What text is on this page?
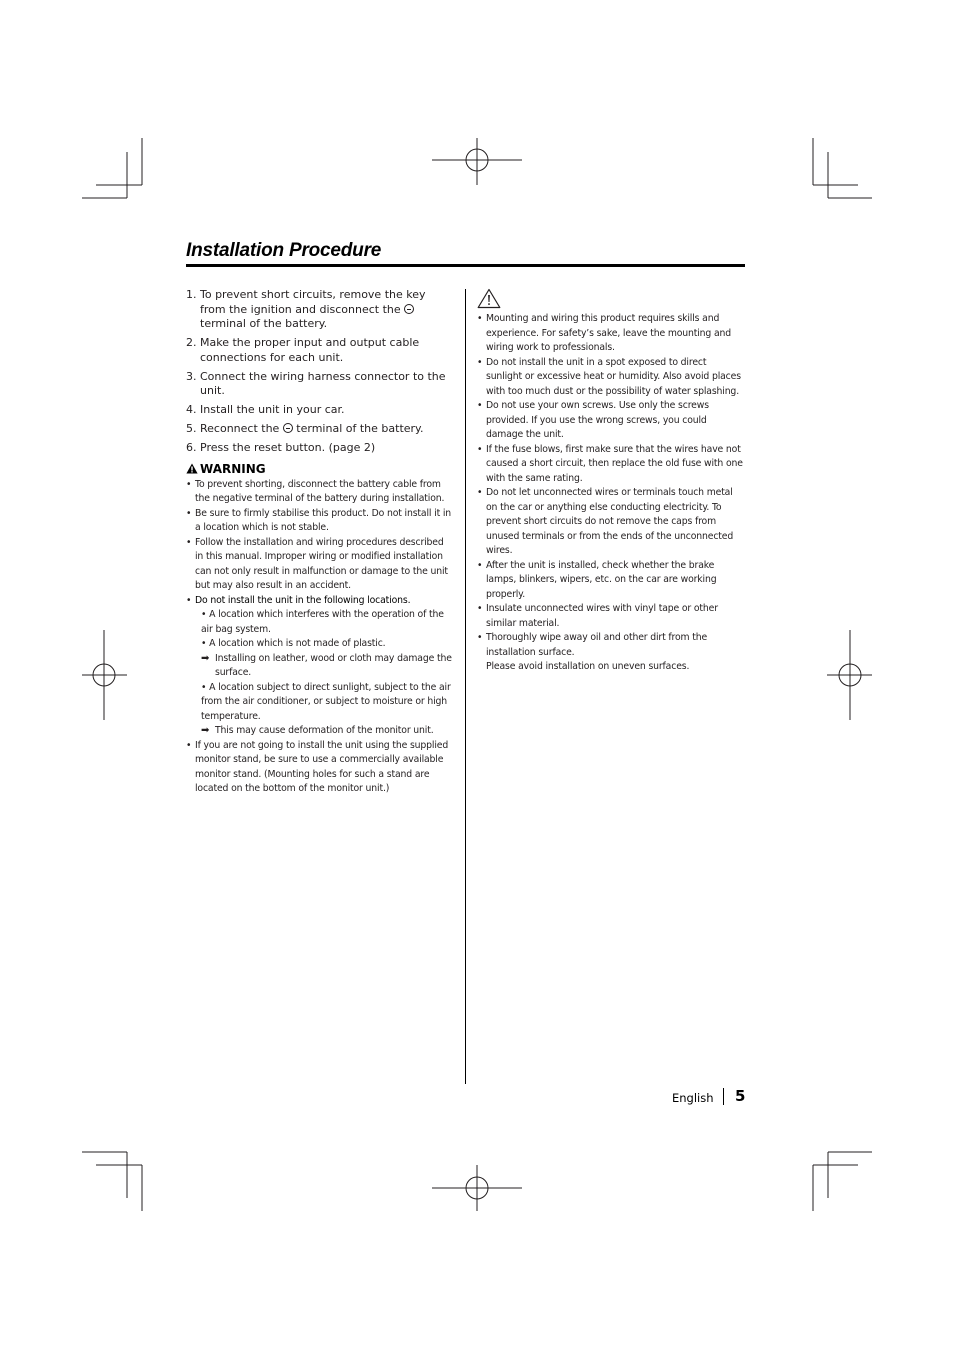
Installation Procedure
1. To prevent short circuits, remove the key from the ignition and disconnect the  terminal of the battery.
2. Make the proper input and output cable connections for each unit.
3. Connect the wiring harness connector to the unit.
4. Install the unit in your car.
5. Reconnect the  terminal of the battery.
6. Press the reset button. (page 2)
WARNING
• To prevent shorting, disconnect the battery cable from the negative terminal of the battery during installation.
• Be sure to firmly stabilise this product. Do not install it in a location which is not stable.
• Follow the installation and wiring procedures described in this manual. Improper wiring or modified installation can not only result in malfunction or damage to the unit but may also result in an accident.
• Do not install the unit in the following locations.
• A location which interferes with the operation of the air bag system.
• A location which is not made of plastic.
➡ Installing on leather, wood or cloth may damage the surface.
• A location subject to direct sunlight, subject to the air from the air conditioner, or subject to moisture or high temperature.
➡ This may cause deformation of the monitor unit.
• If you are not going to install the unit using the supplied monitor stand, be sure to use a commercially available monitor stand. (Mounting holes for such a stand are located on the bottom of the monitor unit.)
• Mounting and wiring this product requires skills and experience. For safety’s sake, leave the mounting and wiring work to professionals.
• Do not install the unit in a spot exposed to direct sunlight or excessive heat or humidity. Also avoid places with too much dust or the possibility of water splashing.
• Do not use your own screws. Use only the screws provided. If you use the wrong screws, you could damage the unit.
• If the fuse blows, first make sure that the wires have not caused a short circuit, then replace the old fuse with one with the same rating.
• Do not let unconnected wires or terminals touch metal on the car or anything else conducting electricity. To prevent short circuits do not remove the caps from unused terminals or from the ends of the unconnected wires.
• After the unit is installed, check whether the brake lamps, blinkers, wipers, etc. on the car are working properly.
• Insulate unconnected wires with vinyl tape or other similar material.
• Thoroughly wipe away oil and other dirt from the installation surface.
Please avoid installation on uneven surfaces.
English 5
